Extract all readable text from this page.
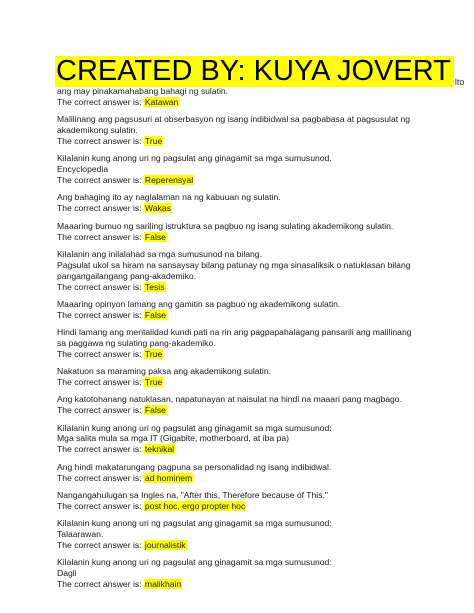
CREATED BY: KUYA JOVERT lto
ang may pinakamahabang bahagi ng sulatin.
The correct answer is: Katawan
Malilinang ang pagsusuri at obserbasyon ng isang indibidwal sa pagbabasa at pagsusulat ng
akademikong sulatin.
The correct answer is: True
Kilalanin kung anong uri ng pagsulat ang ginagamit sa mga sumusunod.
Encyclopedia
The correct answer is: Reperensyal
Ang bahaging ito ay naglalaman na ng kabuuan ng sulatin.
The correct answer is: Wakas
Maaaring bumuo ng sariling istruktura sa pagbuo ng isang sulating akademikong sulatin.
The correct answer is: False
Kilalanin ang inilalahad sa mga sumusunod na bilang.
Pagsulat ukol sa hiram na sansaysay bilang patunay ng mga sinasaliksik o natuklasan bilang
pangangailangang pang-akademiko.
The correct answer is: Tesis
Maaaring opinyon lamang ang gamitin sa pagbuo ng akademikong sulatin.
The correct answer is: False
Hindi lamang ang mentalidad kundi pati na rin ang pagpapahalagang pansarili ang malilinang
sa paggawa ng sulating pang-akademiko.
The correct answer is: True
Nakatuon sa maraming paksa ang akademikong sulatin.
The correct answer is: True
Ang katotohanang natuklasan, napatunayan at naisulat na hindi na maaari pang magbago.
The correct answer is: False
Kilalanin kung anong uri ng pagsulat ang ginagamit sa mga sumusunod:
Mga salita mula sa mga IT (Gigabite, motherboard, at iba pa)
The correct answer is: teknikal
Ang hindi makatarungang pagpuna sa personalidad ng isang indibidwal.
The correct answer is: ad hominem
Nangangahulugan sa Ingles na, "After this, Therefore because of This."
The correct answer is: post hoc, ergo propter hoc
Kilalanin kung anong uri ng pagsulat ang ginagamit sa mga sumusunod:
Talaarawan.
The correct answer is: journalistik
Kilalanin kung anong uri ng pagsulat ang ginagamit sa mga sumusunod:
Dagli
The correct answer is: malikhain
